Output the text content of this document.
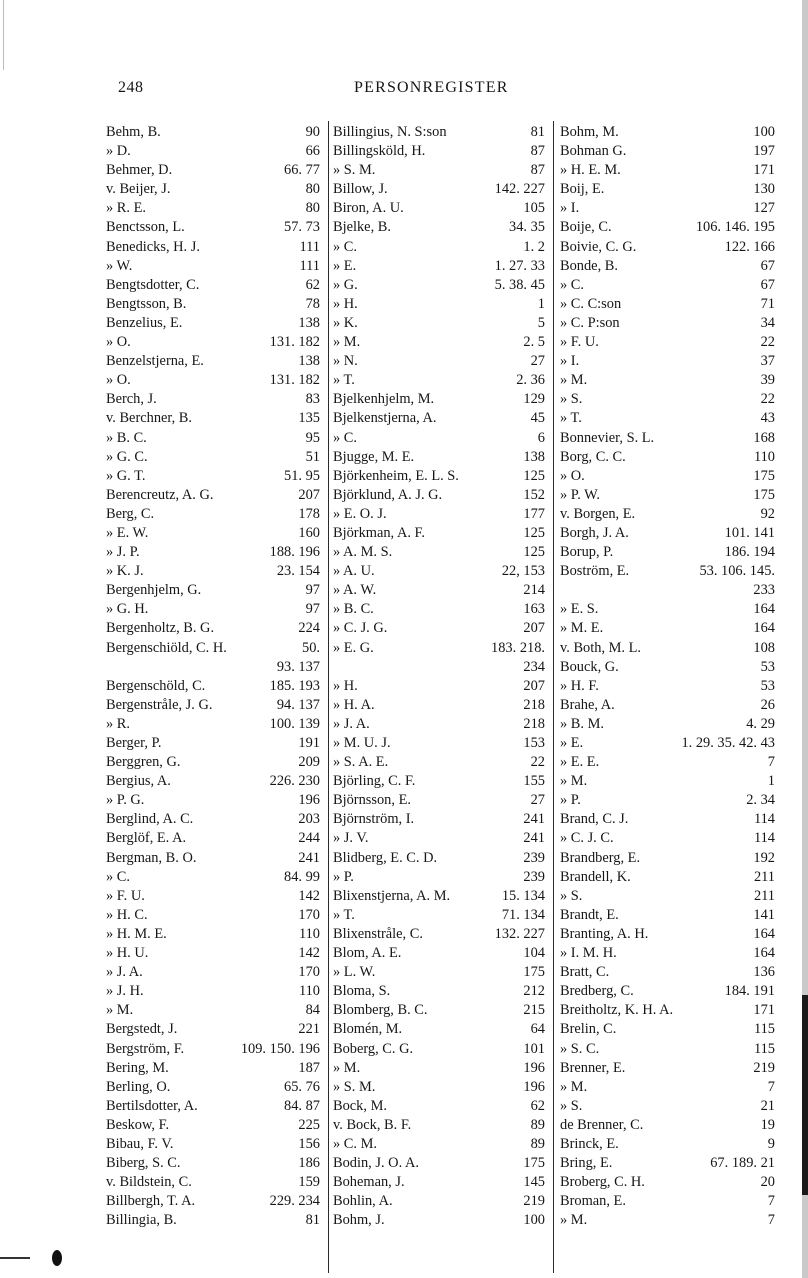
248	PERSONREGISTER
Behm, B.	90
» D.	66
Behmer, D.	66. 77
v. Beijer, J.	80
» R. E.	80
Benctsson, L.	57. 73
Benedicks, H. J.	111
» W.	111
Bengtsdotter, C.	62
Bengtsson, B.	78
Benzelius, E.	138
» O.	131. 182
Benzelstjerna, E.	138
» O.	131. 182
Berch, J.	83
v. Berchner, B.	135
» B. C.	95
» G. C.	51
» G. T.	51. 95
Berencreutz, A. G.	207
Berg, C.	178
» E. W.	160
» J. P.	188. 196
» K. J.	23. 154
Bergenhjelm, G.	97
» G. H.	97
Bergenholtz, B. G.	224
Bergenschiöld, C. H.	50.
93. 137
Bergenschöld, C.	185. 193
Bergenstråle, J. G.	94. 137
» R.	100. 139
Berger, P.	191
Berggren, G.	209
Bergius, A.	226. 230
» P. G.	196
Berglind, A. C.	203
Berglöf, E. A.	244
Bergman, B. O.	241
» C.	84. 99
» F. U.	142
» H. C.	170
» H. M. E.	110
» H. U.	142
» J. A.	170
» J. H.	110
» M.	84
Bergstedt, J.	221
Bergström, F.	109. 150. 196
Bering, M.	187
Berling, O.	65. 76
Bertilsdotter, A.	84. 87
Beskow, F.	225
Bibau, F. V.	156
Biberg, S. C.	186
v. Bildstein, C.	159
Billbergh, T. A.	229. 234
Billingia, B.	81
Billingius, N. S:son	81
Billingsköld, H.	87
» S. M.	87
Billow, J.	142. 227
Biron, A. U.	105
Bjelke, B.	34. 35
» C.	1. 2
» E.	1. 27. 33
» G.	5. 38. 45
» H.	1
» K.	5
» M.	2. 5
» N.	27
» T.	2. 36
Bjelkenhjelm, M.	129
Bjelkenstjerna, A.	45
» C.	6
Bjugge, M. E.	138
Björkenheim, E. L. S.	125
Björklund, A. J. G.	152
» E. O. J.	177
Björkman, A. F.	125
» A. M. S.	125
» A. U.	22, 153
» A. W.	214
» B. C.	163
» C. J. G.	207
» E. G.	183. 218.
234
» H.	207
» H. A.	218
» J. A.	218
» M. U. J.	153
» S. A. E.	22
Björling, C. F.	155
Björnsson, E.	27
Björnström, I.	241
» J. V.	241
Blidberg, E. C. D.	239
» P.	239
Blixenstjerna, A. M.	15. 134
» T.	71. 134
Blixenstråle, C.	132. 227
Blom, A. E.	104
» L. W.	175
Bloma, S.	212
Blomberg, B. C.	215
Blomén, M.	64
Boberg, C. G.	101
» M.	196
» S. M.	196
Bock, M.	62
v. Bock, B. F.	89
» C. M.	89
Bodin, J. O. A.	175
Boheman, J.	145
Bohlin, A.	219
Bohm, J.	100
Bohm, M.	100
Bohman G.	197
» H. E. M.	171
Boij, E.	130
» I.	127
Boije, C.	106. 146. 195
Boivie, C. G.	122. 166
Bonde, B.	67
» C.	67
» C. C:son	71
» C. P:son	34
» F. U.	22
» I.	37
» M.	39
» S.	22
» T.	43
Bonnevier, S. L.	168
Borg, C. C.	110
» O.	175
» P. W.	175
v. Borgen, E.	92
Borgh, J. A.	101. 141
Borup, P.	186. 194
Boström, E.	53. 106. 145.
233
» E. S.	164
» M. E.	164
v. Both, M. L.	108
Bouck, G.	53
» H. F.	53
Brahe, A.	26
» B. M.	4. 29
» E.	1. 29. 35. 42. 43
» E. E.	7
» M.	1
» P.	2. 34
Brand, C. J.	114
» C. J. C.	114
Brandberg, E.	192
Brandell, K.	211
» S.	211
Brandt, E.	141
Branting, A. H.	164
» I. M. H.	164
Bratt, C.	136
Bredberg, C.	184. 191
Breitholtz, K. H. A.	171
Brelin, C.	115
» S. C.	115
Brenner, E.	219
» M.	7
» S.	21
de Brenner, C.	19
Brinck, E.	9
Bring, E.	67. 189. 21
Broberg, C. H.	20
Broman, E.	7
» M.	7
